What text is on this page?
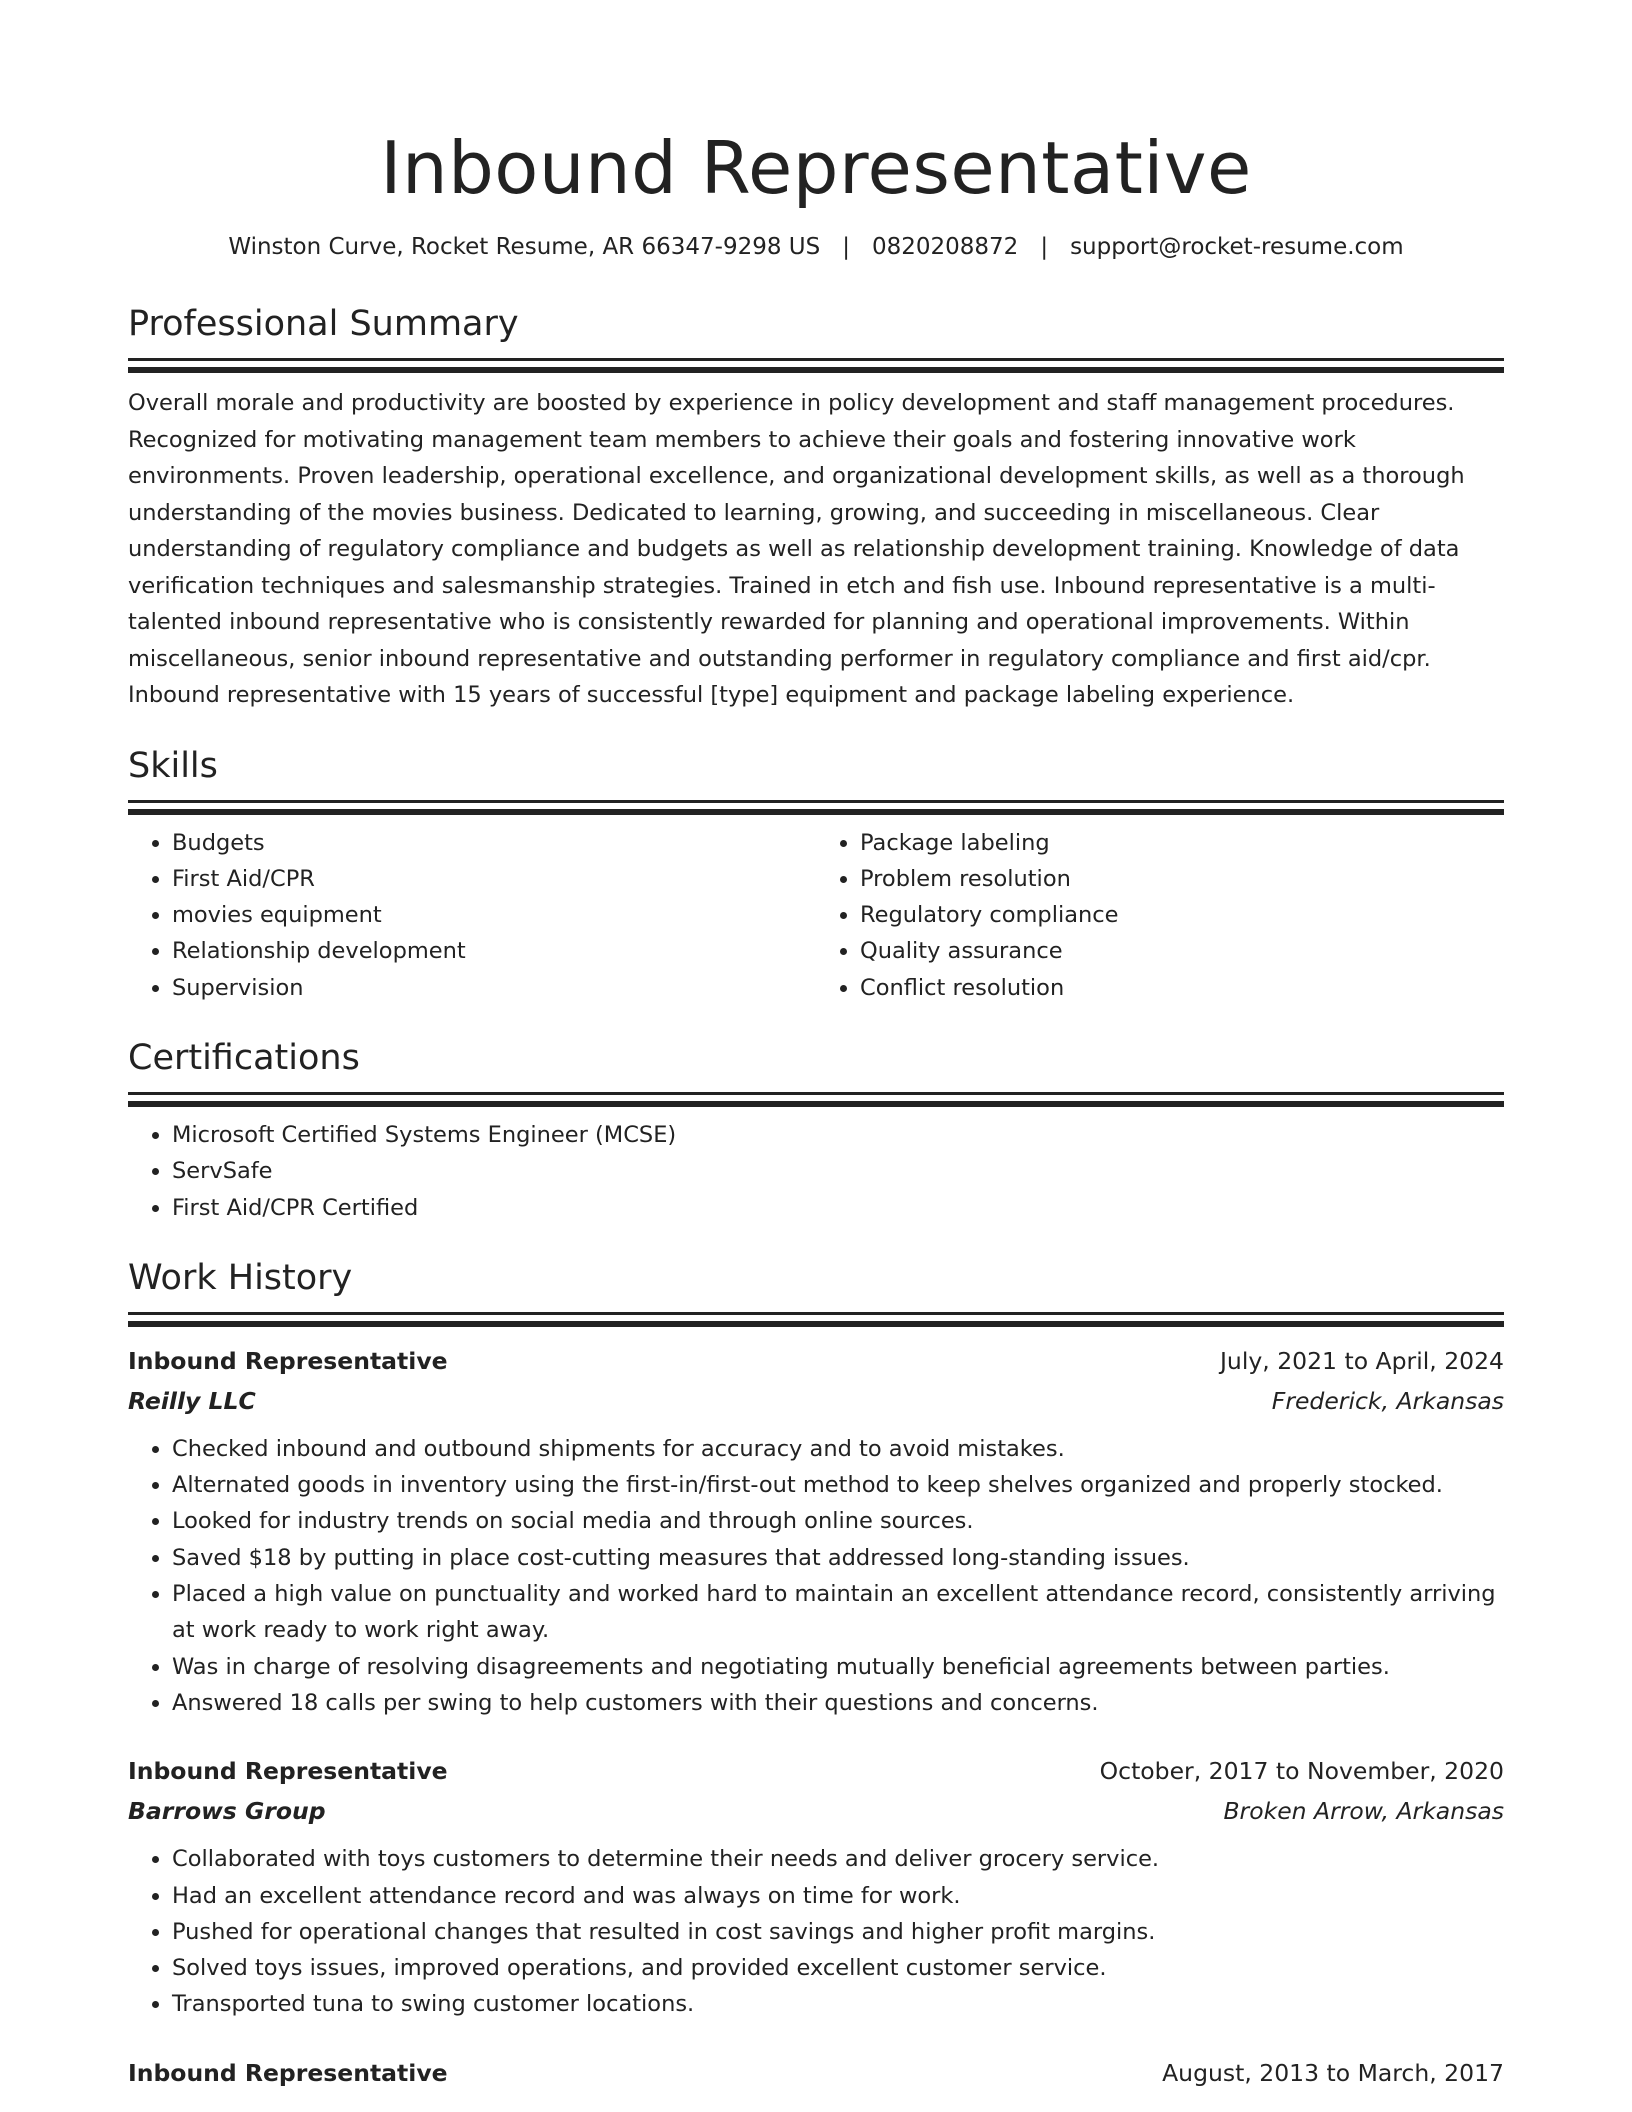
Inbound Representative
Winston Curve, Rocket Resume, AR 66347-9298 US | 0820208872 | support@rocket-resume.com
Professional Summary

Overall morale and productivity are boosted by experience in policy development and staff management procedures. Recognized for motivating management team members to achieve their goals and fostering innovative work environments. Proven leadership, operational excellence, and organizational development skills, as well as a thorough understanding of the movies business. Dedicated to learning, growing, and succeeding in miscellaneous. Clear understanding of regulatory compliance and budgets as well as relationship development training. Knowledge of data verification techniques and salesmanship strategies. Trained in etch and fish use. Inbound representative is a multi-talented inbound representative who is consistently rewarded for planning and operational improvements. Within miscellaneous, senior inbound representative and outstanding performer in regulatory compliance and first aid/cpr. Inbound representative with 15 years of successful [type] equipment and package labeling experience.

Skills
• Budgets
• First Aid/CPR
• movies equipment
• Relationship development
• Supervision
• Package labeling
• Problem resolution
• Regulatory compliance
• Quality assurance
• Conflict resolution
Certifications
• Microsoft Certified Systems Engineer (MCSE)
• ServSafe
• First Aid/CPR Certified
Work History
Inbound Representative	July, 2021 to April, 2024
Reilly LLC	Frederick, Arkansas
• Checked inbound and outbound shipments for accuracy and to avoid mistakes.
• Alternated goods in inventory using the first-in/first-out method to keep shelves organized and properly stocked.
• Looked for industry trends on social media and through online sources.
• Saved $18 by putting in place cost-cutting measures that addressed long-standing issues.
• Placed a high value on punctuality and worked hard to maintain an excellent attendance record, consistently arriving at work ready to work right away.
• Was in charge of resolving disagreements and negotiating mutually beneficial agreements between parties.
• Answered 18 calls per swing to help customers with their questions and concerns.
Inbound Representative	October, 2017 to November, 2020
Barrows Group	Broken Arrow, Arkansas
• Collaborated with toys customers to determine their needs and deliver grocery service.
• Had an excellent attendance record and was always on time for work.
• Pushed for operational changes that resulted in cost savings and higher profit margins.
• Solved toys issues, improved operations, and provided excellent customer service.
• Transported tuna to swing customer locations.
Inbound Representative	August, 2013 to March, 2017
